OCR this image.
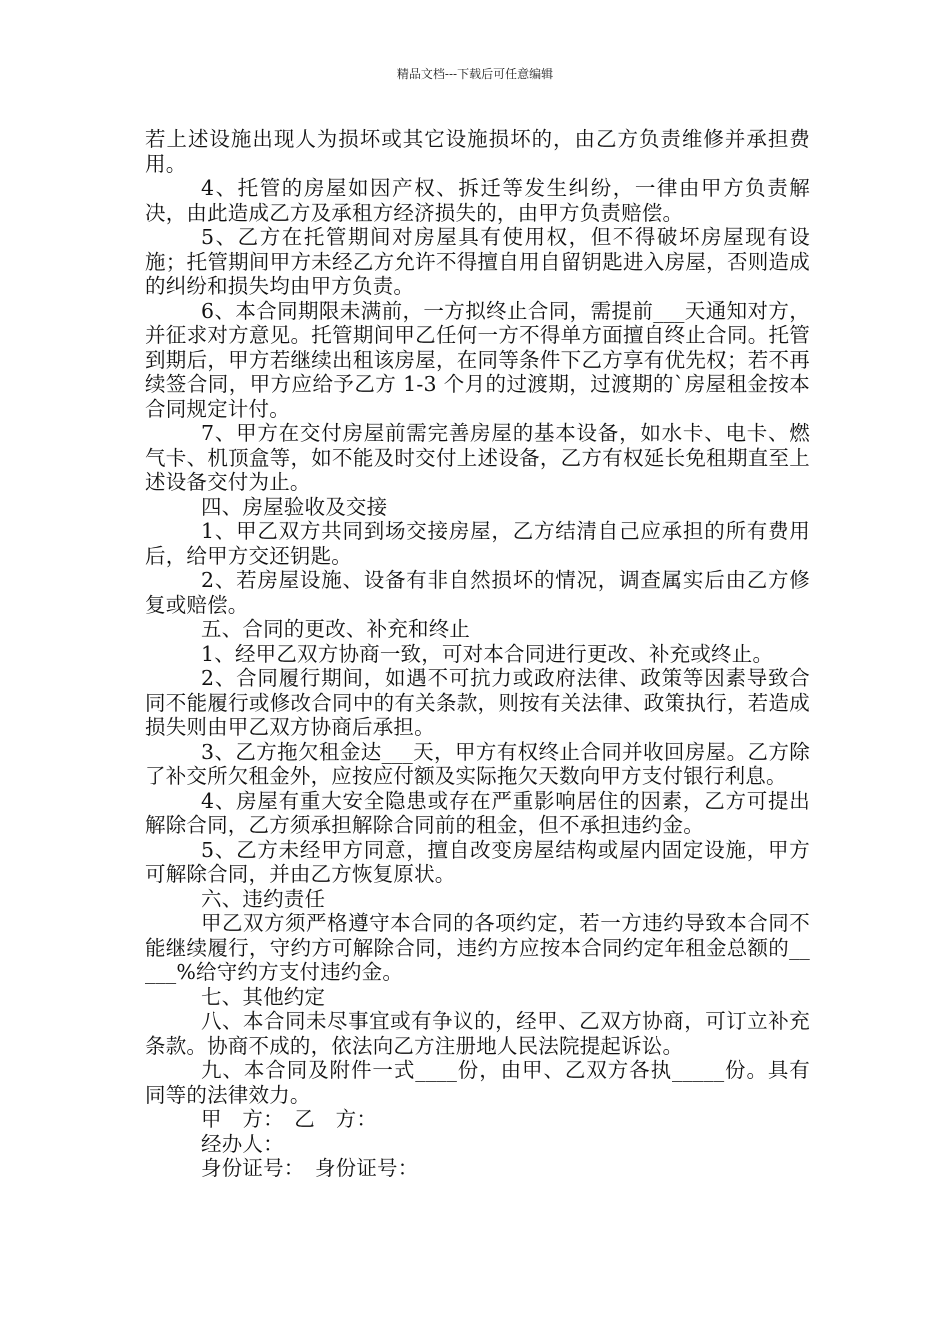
精品文档---下载后可任意编辑

若上述设施出现人为损坏或其它设施损坏的，由乙方负责维修并承担费用。

4、托管的房屋如因产权、拆迁等发生纠纷，一律由甲方负责解决，由此造成乙方及承租方经济损失的，由甲方负责赔偿。

5、乙方在托管期间对房屋具有使用权，但不得破坏房屋现有设施；托管期间甲方未经乙方允许不得擅自用自留钥匙进入房屋，否则造成的纠纷和损失均由甲方负责。

6、本合同期限未满前，一方拟终止合同，需提前___天通知对方，并征求对方意见。托管期间甲乙任何一方不得单方面擅自终止合同。托管到期后，甲方若继续出租该房屋，在同等条件下乙方享有优先权；若不再续签合同，甲方应给予乙方 1-3 个月的过渡期，过渡期的`房屋租金按本合同规定计付。

7、甲方在交付房屋前需完善房屋的基本设备，如水卡、电卡、燃气卡、机顶盒等，如不能及时交付上述设备，乙方有权延长免租期直至上述设备交付为止。

四、房屋验收及交接

1、甲乙双方共同到场交接房屋，乙方结清自己应承担的所有费用后，给甲方交还钥匙。

2、若房屋设施、设备有非自然损坏的情况，调查属实后由乙方修复或赔偿。

五、合同的更改、补充和终止

1、经甲乙双方协商一致，可对本合同进行更改、补充或终止。

2、合同履行期间，如遇不可抗力或政府法律、政策等因素导致合同不能履行或修改合同中的有关条款，则按有关法律、政策执行，若造成损失则由甲乙双方协商后承担。

3、乙方拖欠租金达___天，甲方有权终止合同并收回房屋。乙方除了补交所欠租金外，应按应付额及实际拖欠天数向甲方支付银行利息。

4、房屋有重大安全隐患或存在严重影响居住的因素，乙方可提出解除合同，乙方须承担解除合同前的租金，但不承担违约金。

5、乙方未经甲方同意，擅自改变房屋结构或屋内固定设施，甲方可解除合同，并由乙方恢复原状。

六、违约责任

甲乙双方须严格遵守本合同的各项约定，若一方违约导致本合同不能继续履行，守约方可解除合同，违约方应按本合同约定年租金总额的_____%给守约方支付违约金。

七、其他约定

八、本合同未尽事宜或有争议的，经甲、乙双方协商，可订立补充条款。协商不成的，依法向乙方注册地人民法院提起诉讼。

九、本合同及附件一式____份，由甲、乙双方各执_____份。具有同等的法律效力。

甲　方：　乙　方：

经办人：

身份证号：　身份证号：
